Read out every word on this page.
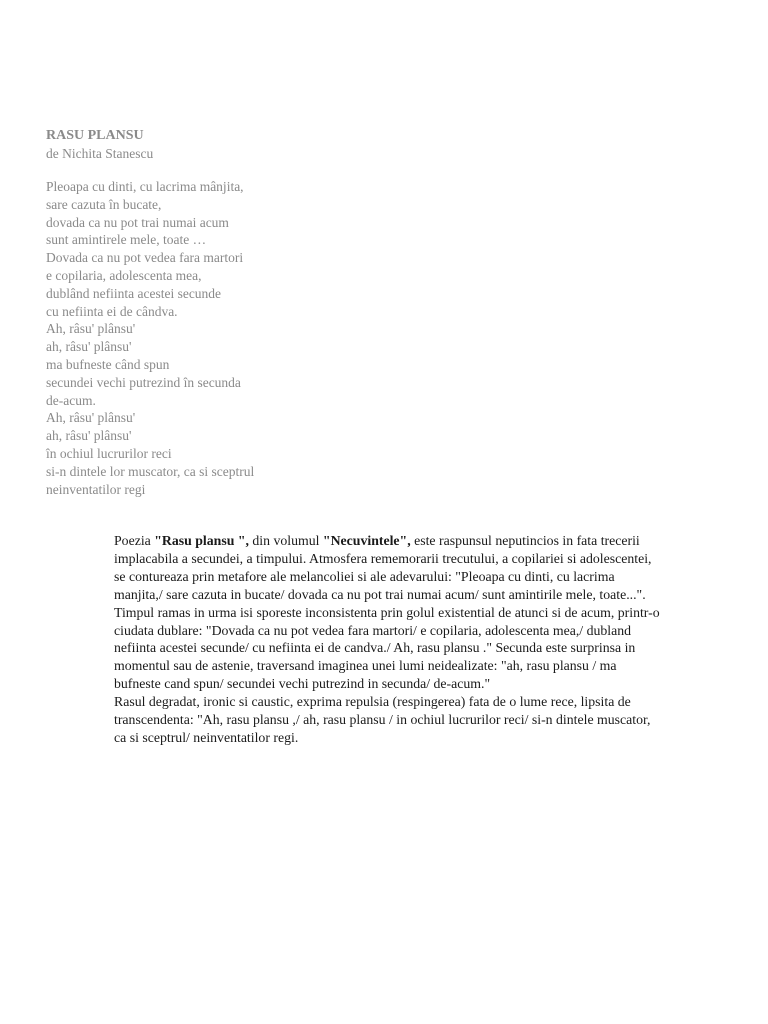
RASU PLANSU
de Nichita Stanescu
Pleoapa cu dinti, cu lacrima mânjita,
sare cazuta în bucate,
dovada ca nu pot trai numai acum
sunt amintirele mele, toate …
Dovada ca nu pot vedea fara martori
e copilaria, adolescenta mea,
dublând nefiinta acestei secunde
cu nefiinta ei de cândva.
Ah, râsu' plânsu'
ah, râsu' plânsu'
ma bufneste când spun
secundei vechi putrezind în secunda
de-acum.
Ah, râsu' plânsu'
ah, râsu' plânsu'
în ochiul lucrurilor reci
si-n dintele lor muscator, ca si sceptrul
neinventatilor regi

Poezia "Rasu plansu ", din volumul "Necuvintele", este raspunsul neputincios in fata trecerii implacabila a secundei, a timpului. Atmosfera rememorarii trecutului, a copilariei si adolescentei, se contureaza prin metafore ale melancoliei si ale adevarului: "Pleoapa cu dinti, cu lacrima manjita,/ sare cazuta in bucate/ dovada ca nu pot trai numai acum/ sunt amintirile mele, toate...". Timpul ramas in urma isi sporeste inconsistenta prin golul existential de atunci si de acum, printr-o ciudata dublare: "Dovada ca nu pot vedea fara martori/ e copilaria, adolescenta mea,/ dubland nefiinta acestei secunde/ cu nefiinta ei de candva./ Ah, rasu plansu ." Secunda este surprinsa in momentul sau de astenie, traversand imaginea unei lumi neidealizate: "ah, rasu plansu / ma bufneste cand spun/ secundei vechi putrezind in secunda/ de-acum."

Rasul degradat, ironic si caustic, exprima repulsia (respingerea) fata de o lume rece, lipsita de transcendenta: "Ah, rasu plansu ,/ ah, rasu plansu / in ochiul lucrurilor reci/ si-n dintele muscator, ca si sceptrul/ neinventatilor regi.
